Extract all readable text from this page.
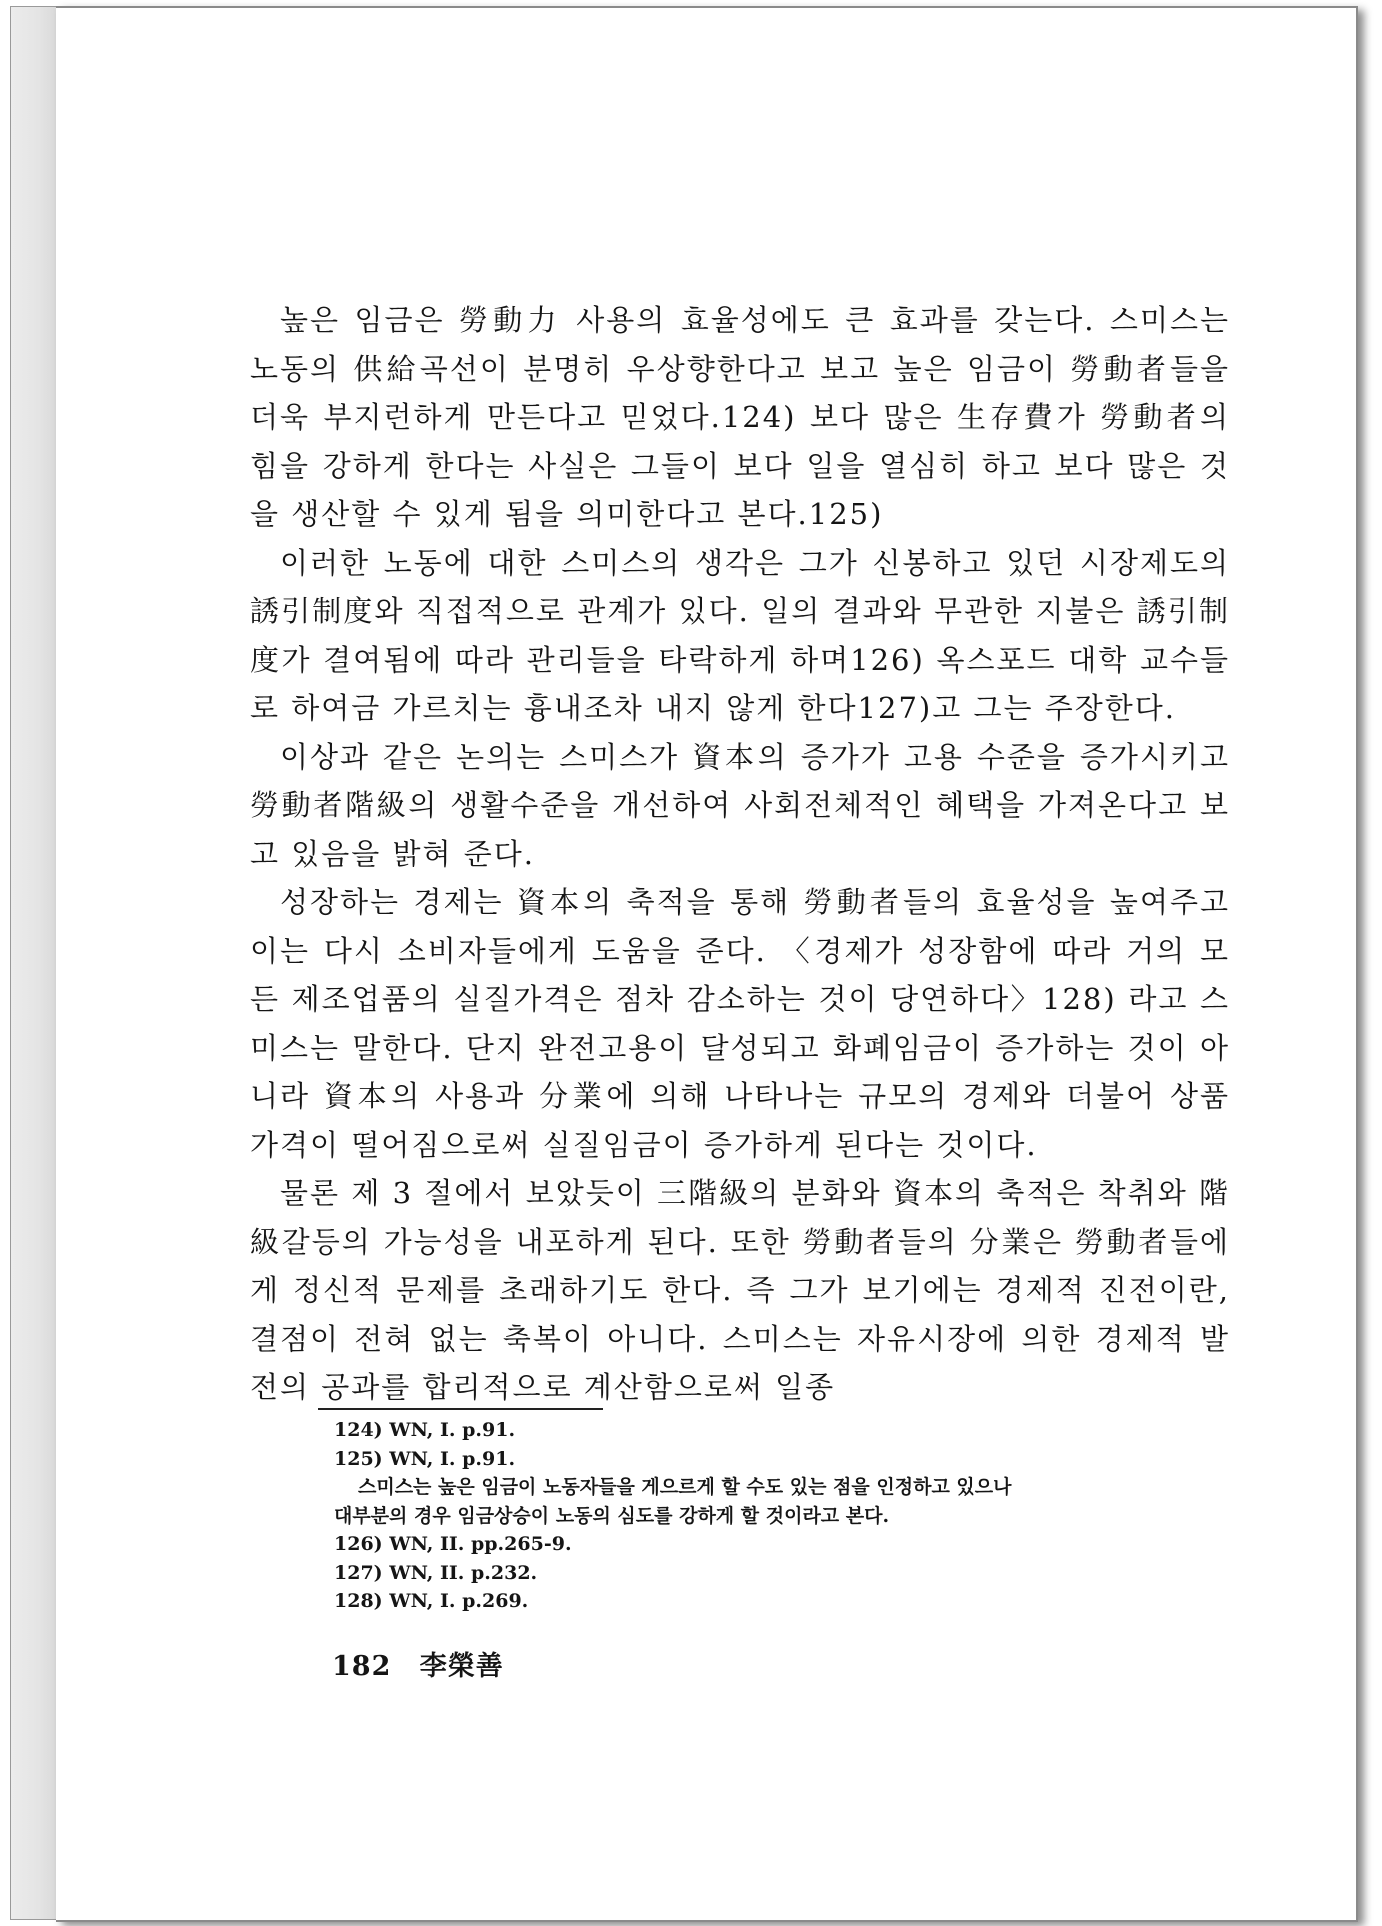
높은 임금은 勞動力 사용의 효율성에도 큰 효과를 갖는다. 스미스는 노동의 供給곡선이 분명히 우상향한다고 보고 높은 임금이 勞動者들을 더욱 부지런하게 만든다고 믿었다.124) 보다 많은 生存費가 勞動者의 힘을 강하게 한다는 사실은 그들이 보다 일을 열심히 하고 보다 많은 것을 생산할 수 있게 됨을 의미한다고 본다.125)

이러한 노동에 대한 스미스의 생각은 그가 신봉하고 있던 시장제도의 誘引制度와 직접적으로 관계가 있다. 일의 결과와 무관한 지불은 誘引制度가 결여됨에 따라 관리들을 타락하게 하며126) 옥스포드 대학 교수들로 하여금 가르치는 흉내조차 내지 않게 한다127)고 그는 주장한다.

이상과 같은 논의는 스미스가 資本의 증가가 고용 수준을 증가시키고 勞動者階級의 생활수준을 개선하여 사회전체적인 혜택을 가져온다고 보고 있음을 밝혀 준다.

성장하는 경제는 資本의 축적을 통해 勞動者들의 효율성을 높여주고 이는 다시 소비자들에게 도움을 준다. 〈경제가 성장함에 따라 거의 모든 제조업품의 실질가격은 점차 감소하는 것이 당연하다〉128) 라고 스미스는 말한다. 단지 완전고용이 달성되고 화폐임금이 증가하는 것이 아니라 資本의 사용과 分業에 의해 나타나는 규모의 경제와 더불어 상품 가격이 떨어짐으로써 실질임금이 증가하게 된다는 것이다.

물론 제 3 절에서 보았듯이 三階級의 분화와 資本의 축적은 착취와 階級갈등의 가능성을 내포하게 된다. 또한 勞動者들의 分業은 勞動者들에게 정신적 문제를 초래하기도 한다. 즉 그가 보기에는 경제적 진전이란, 결점이 전혀 없는 축복이 아니다. 스미스는 자유시장에 의한 경제적 발전의 공과를 합리적으로 계산함으로써 일종

124) WN, I. p.91.

125) WN, I. p.91.

스미스는 높은 임금이 노동자들을 게으르게 할 수도 있는 점을 인정하고 있으나

대부분의 경우 임금상승이 노동의 심도를 강하게 할 것이라고 본다.

126) WN, II. pp.265-9.

127) WN, II. p.232.

128) WN, I. p.269.

182 李榮善
